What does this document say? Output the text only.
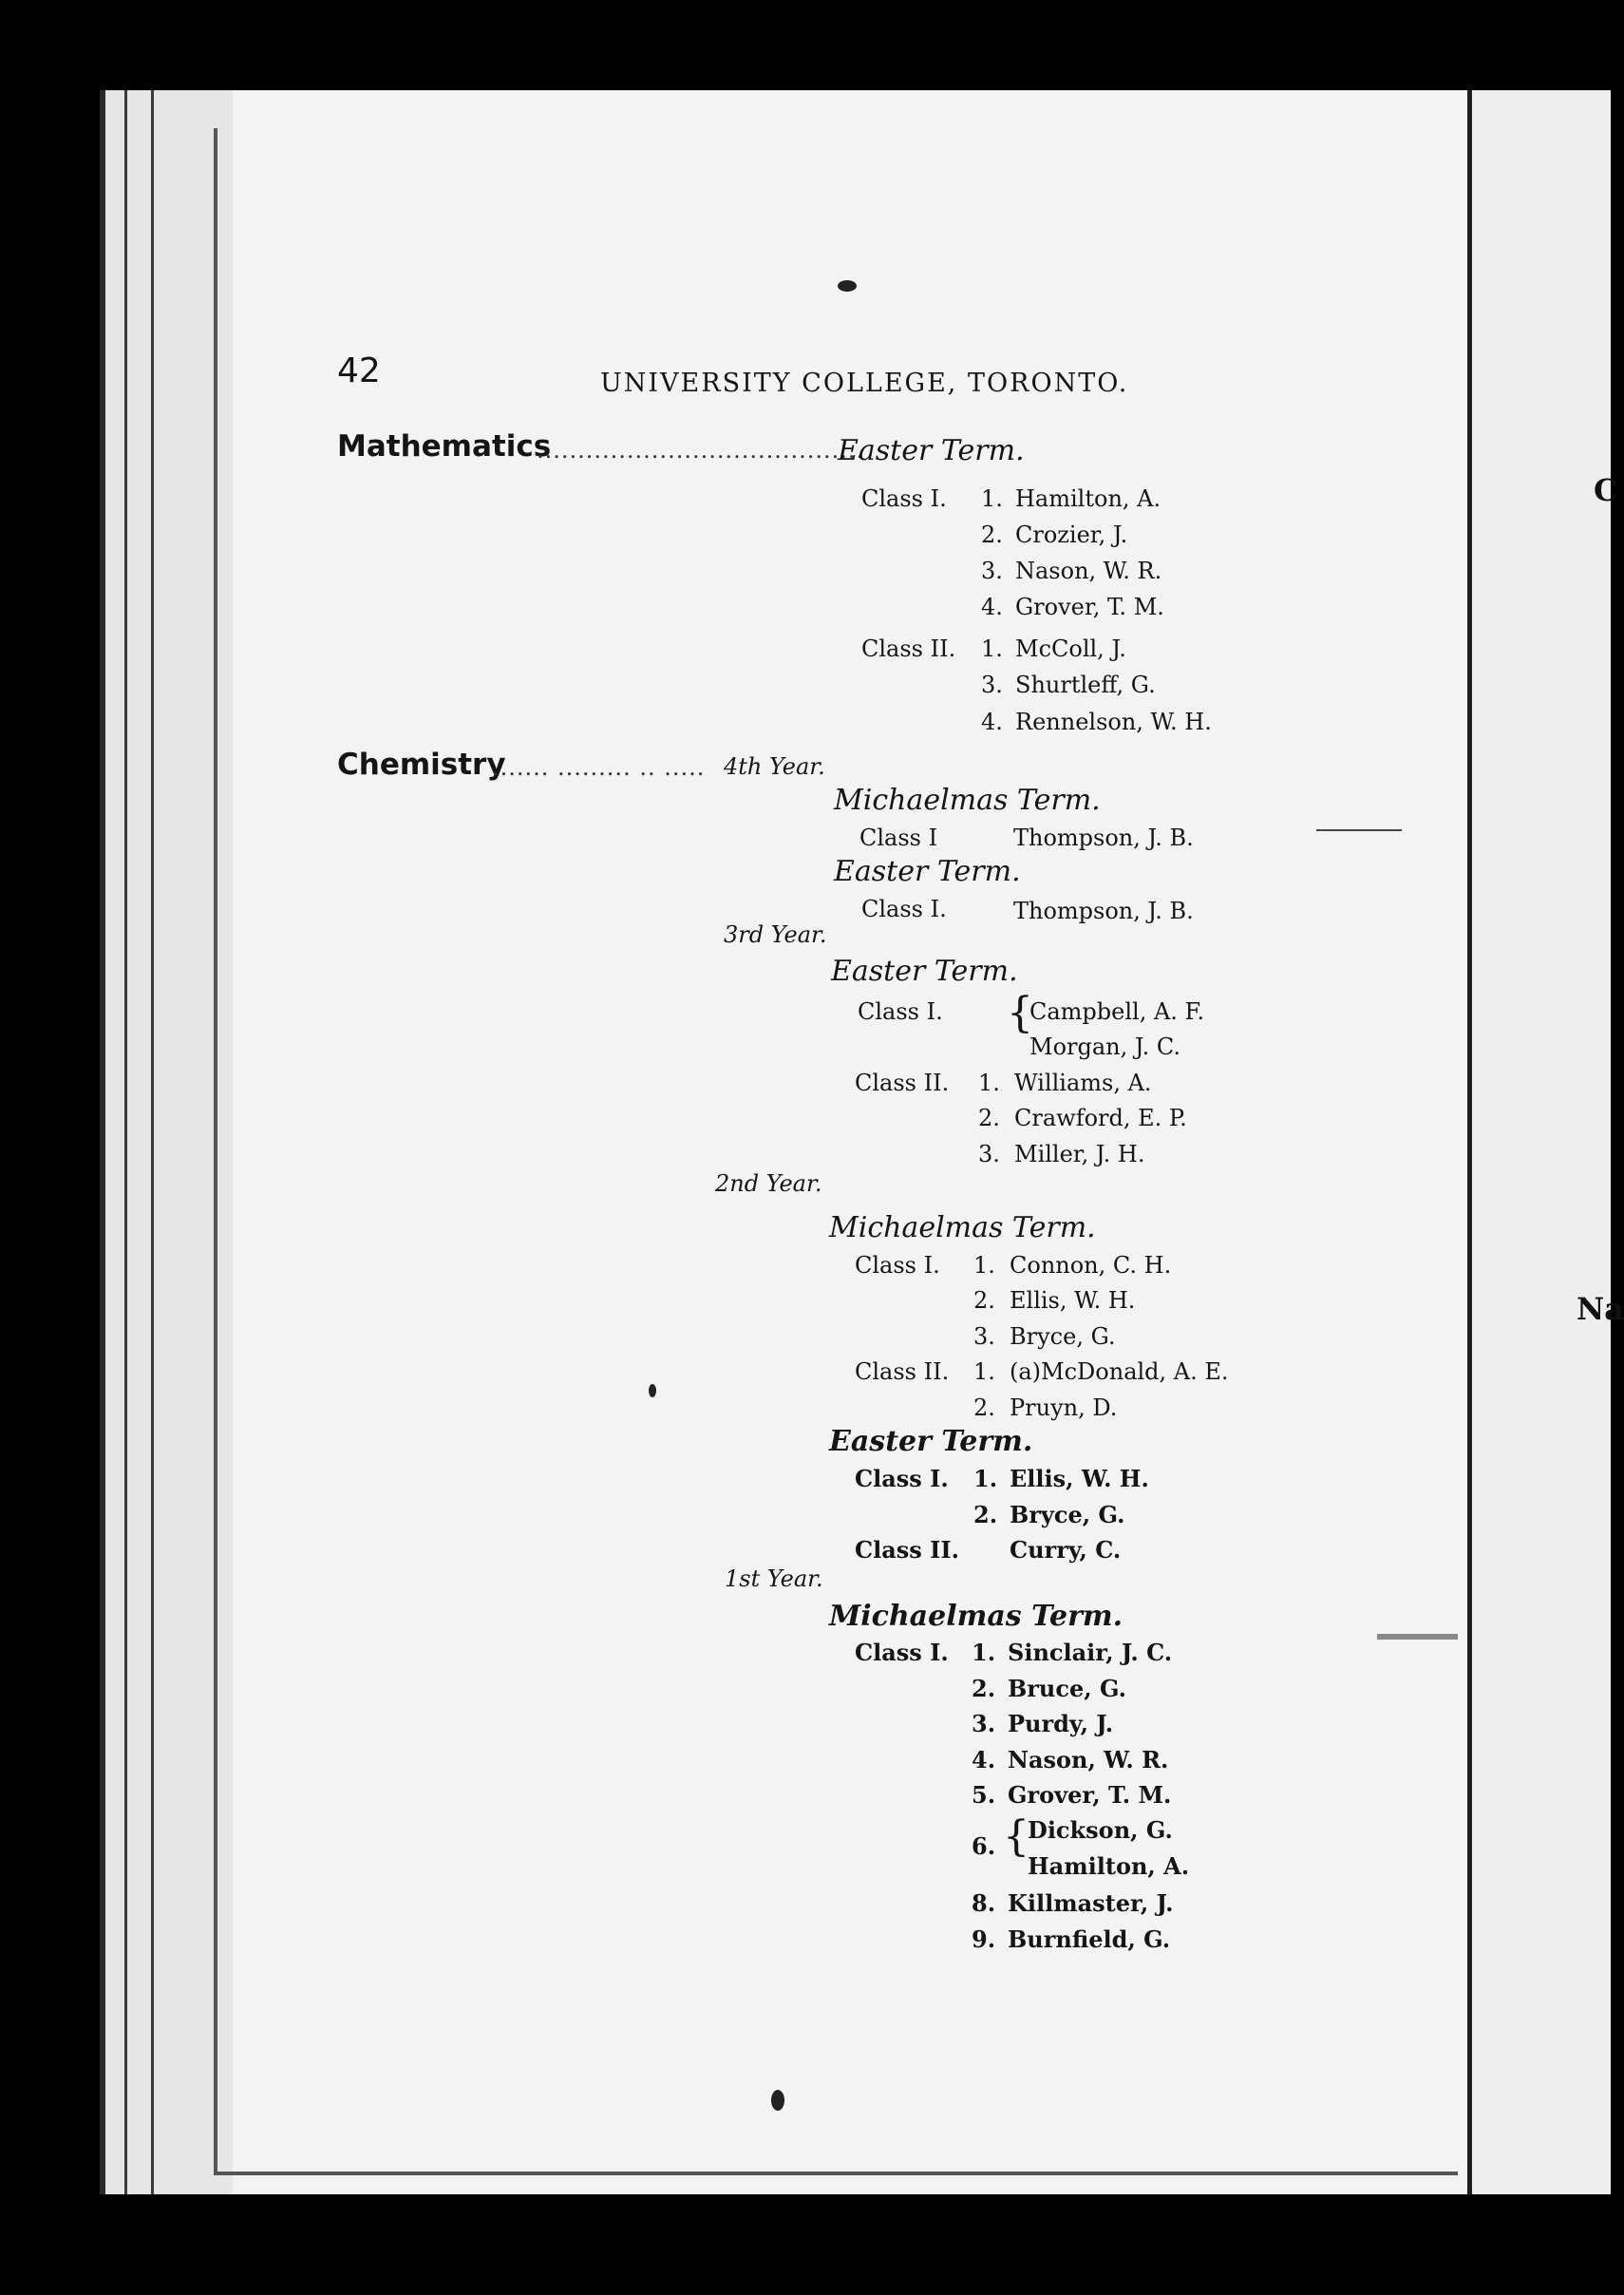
C
Na
42	UNIVERSITY COLLEGE, TORONTO.
Mathematics
........................................
Easter Term.
Class I. 1. Hamilton, A.
2. Crozier, J.
3. Nason, W. R.
4. Grover, T. M.
Class II. 1. McColl, J.
3. Shurtleff, G.
4. Rennelson, W. H.
Chemistry
....... ......... .. ..... 4th Year.
Michaelmas Term.
Class I	Thompson, J. B.
Easter Term.
Class I.	Thompson, J. B.
3rd Year.
Easter Term.
Class I. {
Campbell, A. F.
Morgan, J. C.
Class II. 1. Williams, A.
2. Crawford, E. P.
3. Miller, J. H.
2nd Year.
Michaelmas Term.
Class I. 1. Connon, C. H.
2. Ellis, W. H.
3. Bryce, G.
Class II. 1. (a)McDonald, A. E.
2. Pruyn, D.
Easter Term.
Class I. 1. Ellis, W. H.
2. Bryce, G.
Class II. Curry, C.
1st Year.
Michaelmas Term.
Class I. 1. Sinclair, J. C.
2. Bruce, G.
3. Purdy, J.
4. Nason, W. R.
5. Grover, T. M.
6. {
Dickson, G.
Hamilton, A.
8. Killmaster, J.
9. Burnfield, G.
